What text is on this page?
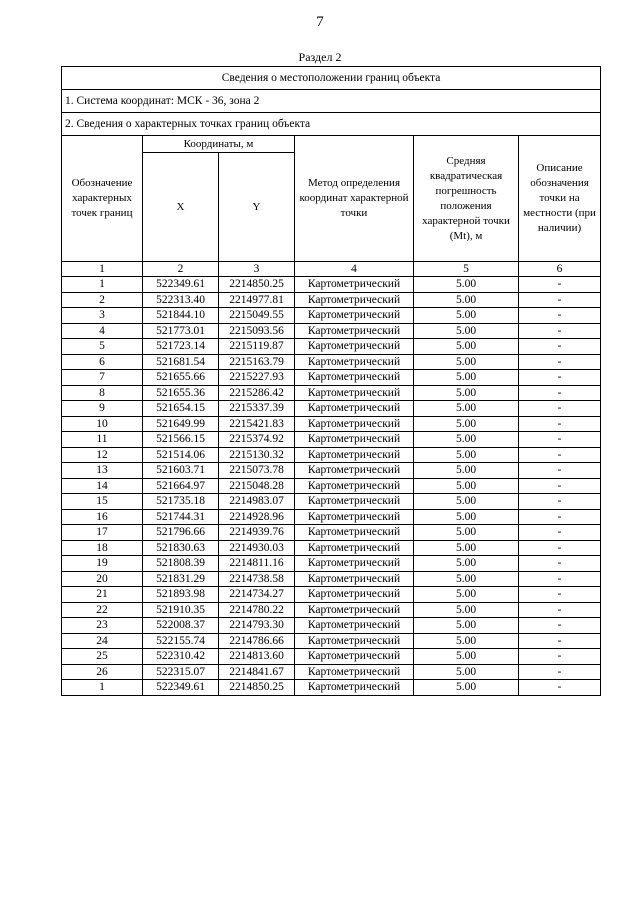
7
Раздел 2
Сведения о местоположении границ объекта					
1. Система координат: МСК - 36, зона 2					
2. Сведения о характерных точках границ объекта					
Обозначение характерных точек границ	Координаты, м		Метод определения координат характерной точки	Средняя квадратическая погрешность положения характерной точки (Mt), м	Описание обозначения точки на местности (при наличии)
	X	Y			
1	2	3	4	5	6
1	522349.61	2214850.25	Картометрический	5.00	-
2	522313.40	2214977.81	Картометрический	5.00	-
3	521844.10	2215049.55	Картометрический	5.00	-
4	521773.01	2215093.56	Картометрический	5.00	-
5	521723.14	2215119.87	Картометрический	5.00	-
6	521681.54	2215163.79	Картометрический	5.00	-
7	521655.66	2215227.93	Картометрический	5.00	-
8	521655.36	2215286.42	Картометрический	5.00	-
9	521654.15	2215337.39	Картометрический	5.00	-
10	521649.99	2215421.83	Картометрический	5.00	-
11	521566.15	2215374.92	Картометрический	5.00	-
12	521514.06	2215130.32	Картометрический	5.00	-
13	521603.71	2215073.78	Картометрический	5.00	-
14	521664.97	2215048.28	Картометрический	5.00	-
15	521735.18	2214983.07	Картометрический	5.00	-
16	521744.31	2214928.96	Картометрический	5.00	-
17	521796.66	2214939.76	Картометрический	5.00	-
18	521830.63	2214930.03	Картометрический	5.00	-
19	521808.39	2214811.16	Картометрический	5.00	-
20	521831.29	2214738.58	Картометрический	5.00	-
21	521893.98	2214734.27	Картометрический	5.00	-
22	521910.35	2214780.22	Картометрический	5.00	-
23	522008.37	2214793.30	Картометрический	5.00	-
24	522155.74	2214786.66	Картометрический	5.00	-
25	522310.42	2214813.60	Картометрический	5.00	-
26	522315.07	2214841.67	Картометрический	5.00	-
1	522349.61	2214850.25	Картометрический	5.00	-
